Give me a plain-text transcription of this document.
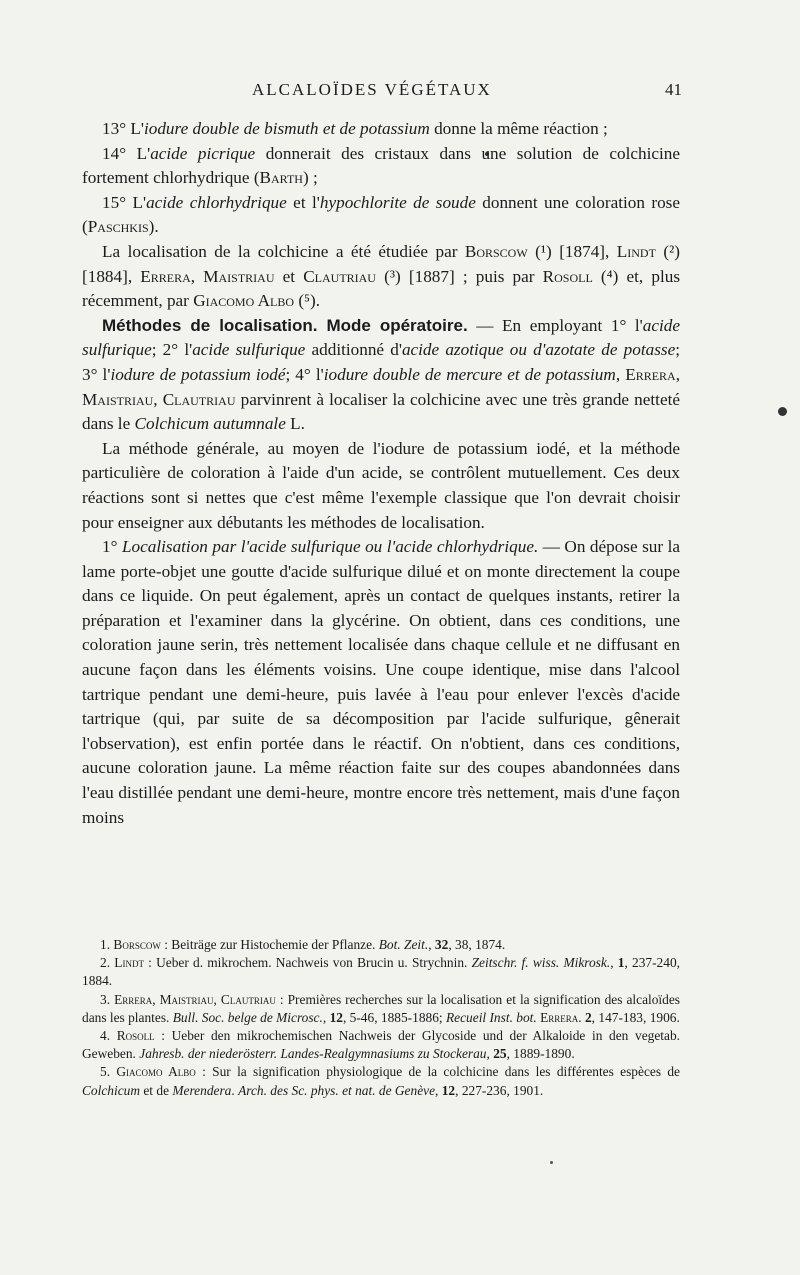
ALCALOÏDES VÉGÉTAUX	41

13° L'iodure double de bismuth et de potassium donne la même réaction ;

14° L'acide picrique donnerait des cristaux dans une solution de colchicine fortement chlorhydrique (Barth) ;

15° L'acide chlorhydrique et l'hypochlorite de soude donnent une coloration rose (Paschkis).

La localisation de la colchicine a été étudiée par Borscow (¹) [1874], Lindt (²) [1884], Errera, Maistriau et Clautriau (³) [1887] ; puis par Rosoll (⁴) et, plus récemment, par Giacomo Albo (⁵).

Méthodes de localisation. Mode opératoire. — En employant 1° l'acide sulfurique; 2° l'acide sulfurique additionné d'acide azotique ou d'azotate de potasse; 3° l'iodure de potassium iodé; 4° l'iodure double de mercure et de potassium, Errera, Maistriau, Clautriau parvinrent à localiser la colchicine avec une très grande netteté dans le Colchicum autumnale L.

La méthode générale, au moyen de l'iodure de potassium iodé, et la méthode particulière de coloration à l'aide d'un acide, se contrôlent mutuellement. Ces deux réactions sont si nettes que c'est même l'exemple classique que l'on devrait choisir pour enseigner aux débutants les méthodes de localisation.

1° Localisation par l'acide sulfurique ou l'acide chlorhydrique. — On dépose sur la lame porte-objet une goutte d'acide sulfurique dilué et on monte directement la coupe dans ce liquide. On peut également, après un contact de quelques instants, retirer la préparation et l'examiner dans la glycérine. On obtient, dans ces conditions, une coloration jaune serin, très nettement localisée dans chaque cellule et ne diffusant en aucune façon dans les éléments voisins. Une coupe identique, mise dans l'alcool tartrique pendant une demi-heure, puis lavée à l'eau pour enlever l'excès d'acide tartrique (qui, par suite de sa décomposition par l'acide sulfurique, gênerait l'observation), est enfin portée dans le réactif. On n'obtient, dans ces conditions, aucune coloration jaune. La même réaction faite sur des coupes abandonnées dans l'eau distillée pendant une demi-heure, montre encore très nettement, mais d'une façon moins

1. Borscow : Beiträge zur Histochemie der Pflanze. Bot. Zeit., 32, 38, 1874.

2. Lindt : Ueber d. mikrochem. Nachweis von Brucin u. Strychnin. Zeitschr. f. wiss. Mikrosk., 1, 237-240, 1884.

3. Errera, Maistriau, Clautriau : Premières recherches sur la localisation et la signification des alcaloïdes dans les plantes. Bull. Soc. belge de Microsc., 12, 5-46, 1885-1886; Recueil Inst. bot. Errera. 2, 147-183, 1906.

4. Rosoll : Ueber den mikrochemischen Nachweis der Glycoside und der Alkaloide in den vegetab. Geweben. Jahresb. der niederösterr. Landes-Realgymnasiums zu Stockerau, 25, 1889-1890.

5. Giacomo Albo : Sur la signification physiologique de la colchicine dans les différentes espèces de Colchicum et de Merendera. Arch. des Sc. phys. et nat. de Genève, 12, 227-236, 1901.
